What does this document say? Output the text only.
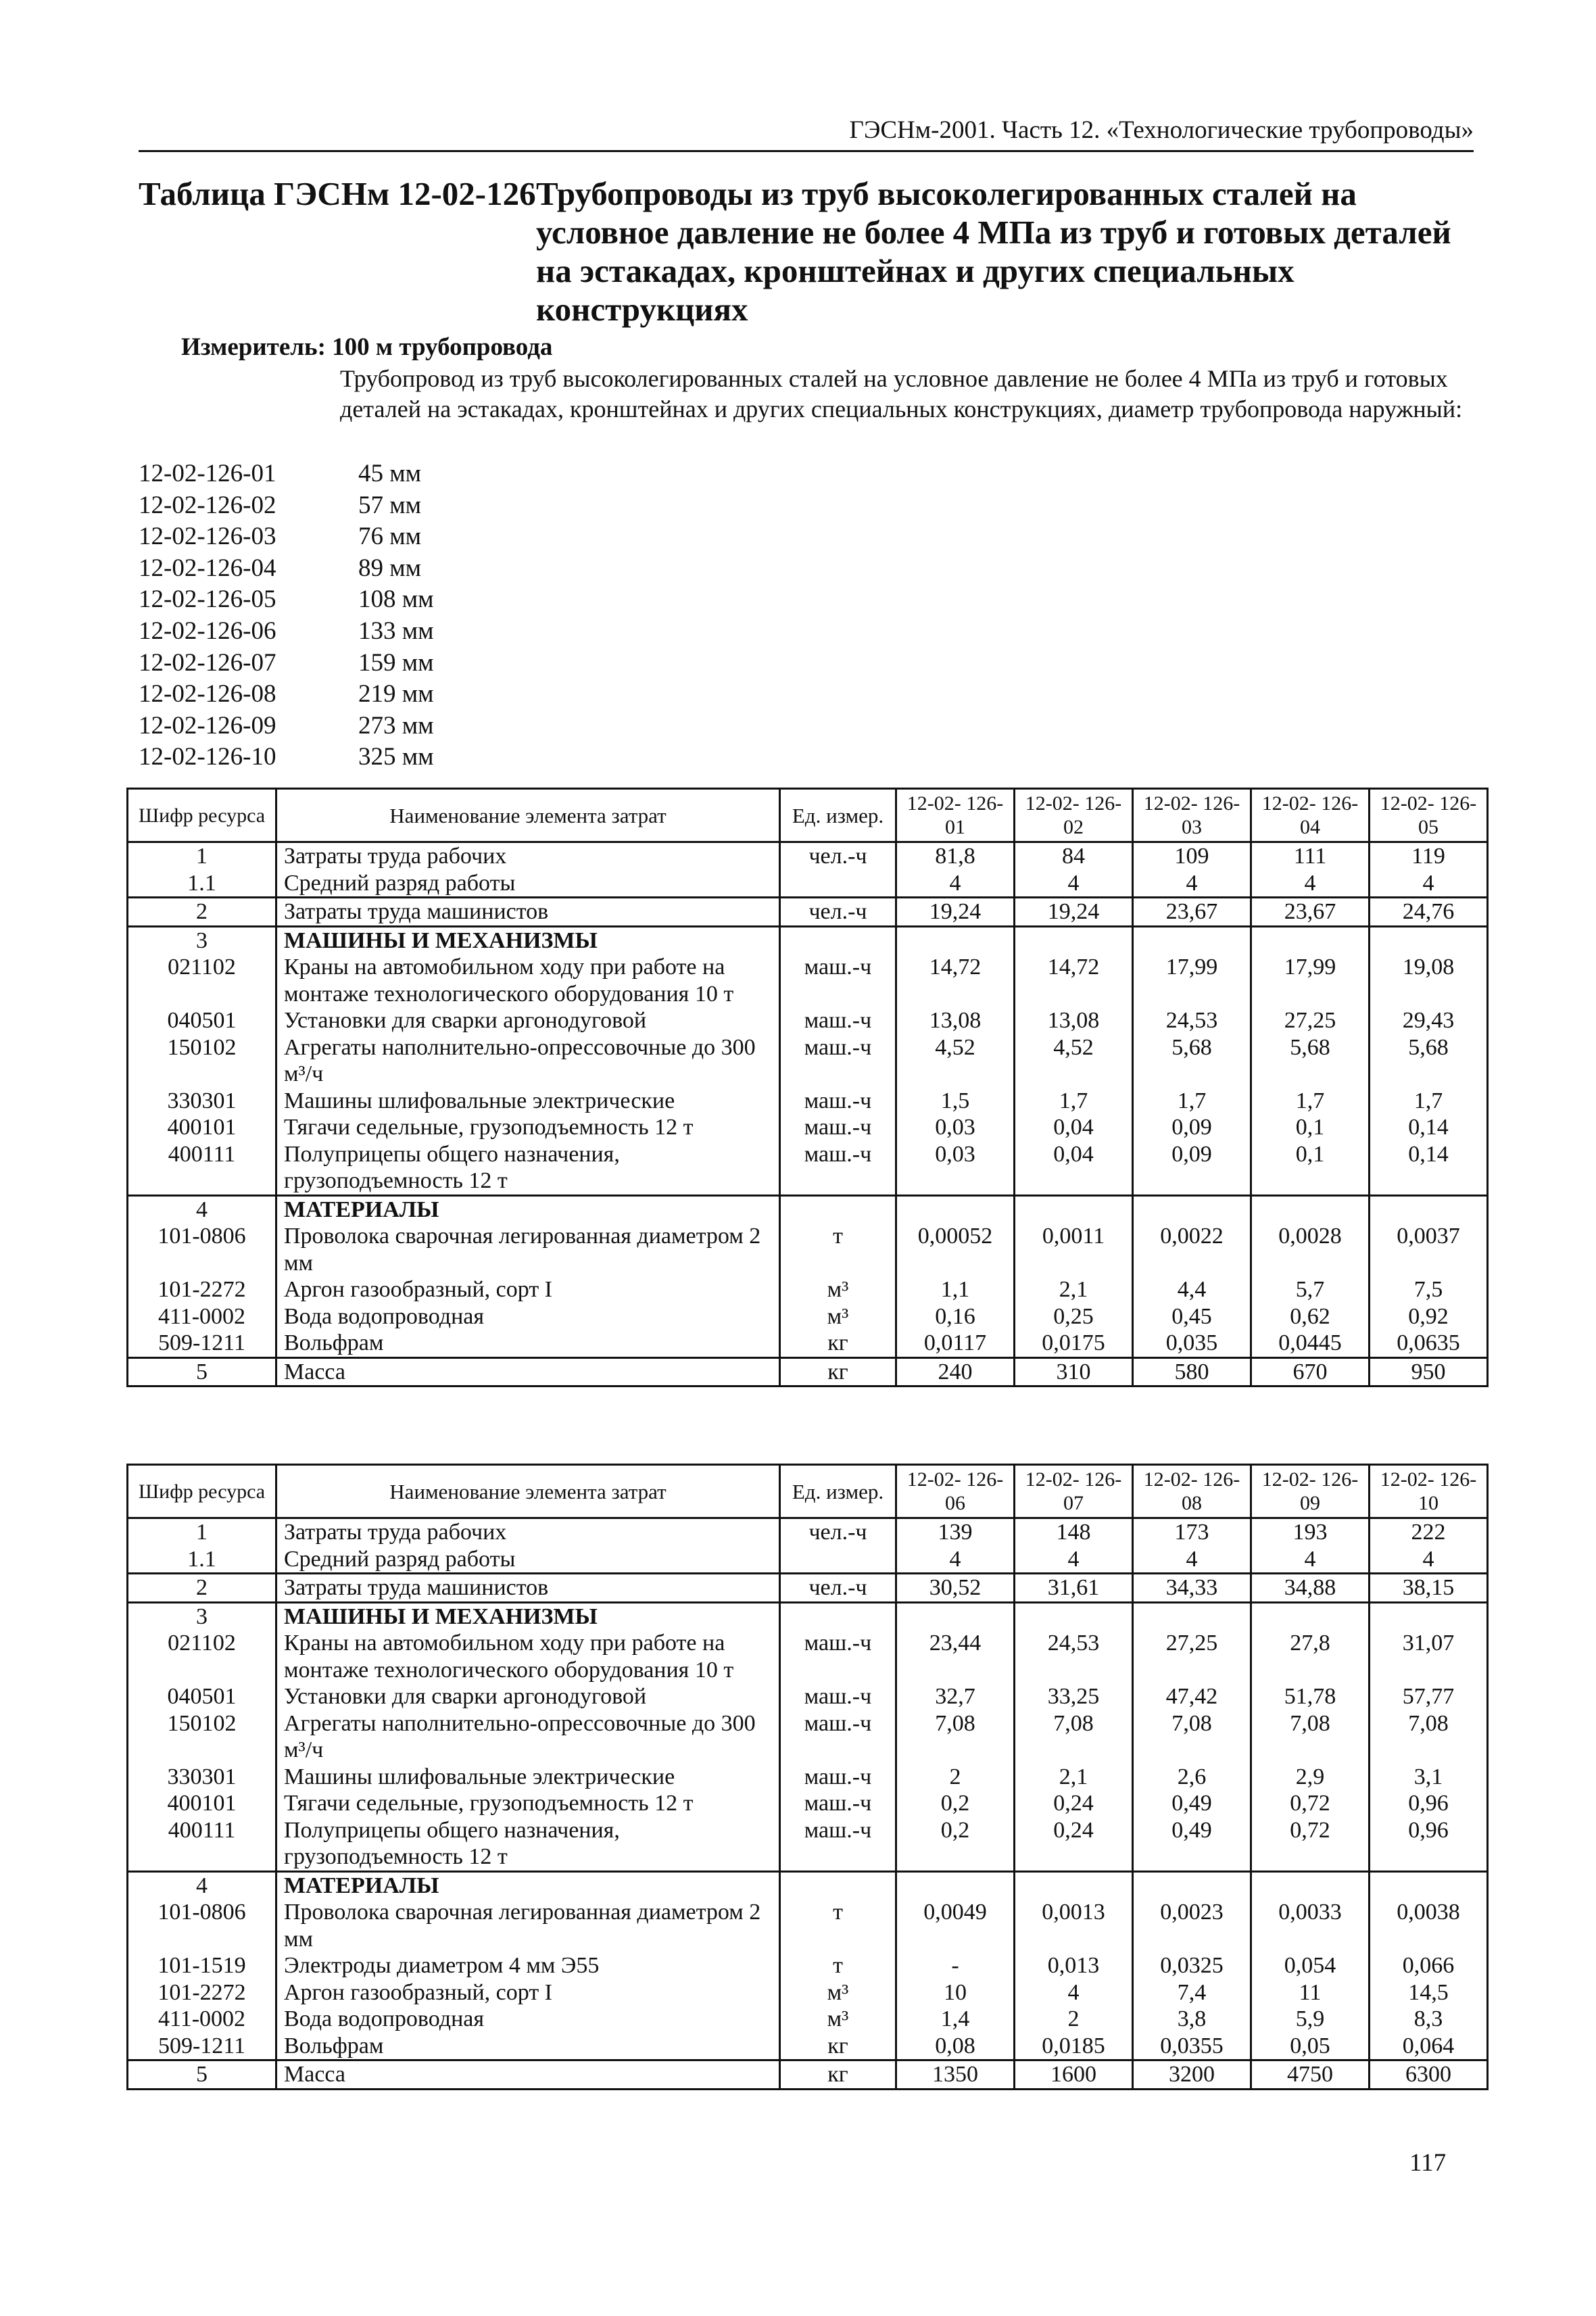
ГЭСНм-2001. Часть 12. «Технологические трубопроводы»
Таблица ГЭСНм 12-02-126 Трубопроводы из труб высоколегированных сталей на условное давление не более 4 МПа из труб и готовых деталей на эстакадах, кронштейнах и других специальных конструкциях
Измеритель: 100 м трубопровода
Трубопровод из труб высоколегированных сталей на условное давление не более 4 МПа из труб и готовых деталей на эстакадах, кронштейнах и других специальных конструкциях, диаметр трубопровода наружный:
12-02-126-01	45 мм
12-02-126-02	57 мм
12-02-126-03	76 мм
12-02-126-04	89 мм
12-02-126-05	108 мм
12-02-126-06	133 мм
12-02-126-07	159 мм
12-02-126-08	219 мм
12-02-126-09	273 мм
12-02-126-10	325 мм
Шифр ресурса	Наименование элемента затрат	Ед. измер.	12-02- 126-01	12-02- 126-02	12-02- 126-03	12-02- 126-04	12-02- 126-05
1	Затраты труда рабочих	чел.-ч	81,8	84	109	111	119
1.1	Средний разряд работы		4	4	4	4	4
2	Затраты труда машинистов	чел.-ч	19,24	19,24	23,67	23,67	24,76
3	МАШИНЫ И МЕХАНИЗМЫ						
021102	Краны на автомобильном ходу при работе на монтаже технологического оборудования 10 т	маш.-ч	14,72	14,72	17,99	17,99	19,08
040501	Установки для сварки аргонодуговой	маш.-ч	13,08	13,08	24,53	27,25	29,43
150102	Агрегаты наполнительно-опрессовочные до 300 м³/ч	маш.-ч	4,52	4,52	5,68	5,68	5,68
330301	Машины шлифовальные электрические	маш.-ч	1,5	1,7	1,7	1,7	1,7
400101	Тягачи седельные, грузоподъемность 12 т	маш.-ч	0,03	0,04	0,09	0,1	0,14
400111	Полуприцепы общего назначения, грузоподъемность 12 т	маш.-ч	0,03	0,04	0,09	0,1	0,14
4	МАТЕРИАЛЫ						
101-0806	Проволока сварочная легированная диаметром 2 мм	т	0,00052	0,0011	0,0022	0,0028	0,0037
101-2272	Аргон газообразный, сорт I	м³	1,1	2,1	4,4	5,7	7,5
411-0002	Вода водопроводная	м³	0,16	0,25	0,45	0,62	0,92
509-1211	Вольфрам	кг	0,0117	0,0175	0,035	0,0445	0,0635
5	Масса	кг	240	310	580	670	950
Шифр ресурса	Наименование элемента затрат	Ед. измер.	12-02- 126-06	12-02- 126-07	12-02- 126-08	12-02- 126-09	12-02- 126-10
1	Затраты труда рабочих	чел.-ч	139	148	173	193	222
1.1	Средний разряд работы		4	4	4	4	4
2	Затраты труда машинистов	чел.-ч	30,52	31,61	34,33	34,88	38,15
3	МАШИНЫ И МЕХАНИЗМЫ						
021102	Краны на автомобильном ходу при работе на монтаже технологического оборудования 10 т	маш.-ч	23,44	24,53	27,25	27,8	31,07
040501	Установки для сварки аргонодуговой	маш.-ч	32,7	33,25	47,42	51,78	57,77
150102	Агрегаты наполнительно-опрессовочные до 300 м³/ч	маш.-ч	7,08	7,08	7,08	7,08	7,08
330301	Машины шлифовальные электрические	маш.-ч	2	2,1	2,6	2,9	3,1
400101	Тягачи седельные, грузоподъемность 12 т	маш.-ч	0,2	0,24	0,49	0,72	0,96
400111	Полуприцепы общего назначения, грузоподъемность 12 т	маш.-ч	0,2	0,24	0,49	0,72	0,96
4	МАТЕРИАЛЫ						
101-0806	Проволока сварочная легированная диаметром 2 мм	т	0,0049	0,0013	0,0023	0,0033	0,0038
101-1519	Электроды диаметром 4 мм Э55	т	-	0,013	0,0325	0,054	0,066
101-2272	Аргон газообразный, сорт I	м³	10	4	7,4	11	14,5
411-0002	Вода водопроводная	м³	1,4	2	3,8	5,9	8,3
509-1211	Вольфрам	кг	0,08	0,0185	0,0355	0,05	0,064
5	Масса	кг	1350	1600	3200	4750	6300
117
